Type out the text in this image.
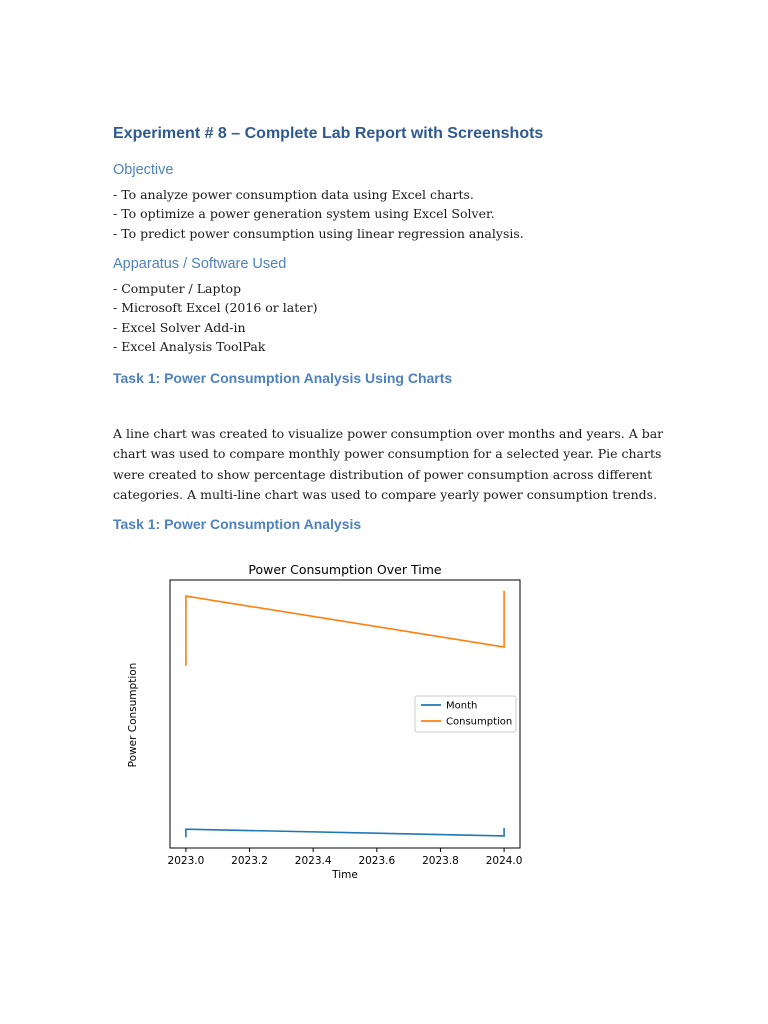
Experiment # 8 – Complete Lab Report with Screenshots
Objective
- To analyze power consumption data using Excel charts.
- To optimize a power generation system using Excel Solver.
- To predict power consumption using linear regression analysis.
Apparatus / Software Used
- Computer / Laptop
- Microsoft Excel (2016 or later)
- Excel Solver Add-in
- Excel Analysis ToolPak
Task 1: Power Consumption Analysis Using Charts

A line chart was created to visualize power consumption over months and years. A bar chart was used to compare monthly power consumption for a selected year. Pie charts were created to show percentage distribution of power consumption across different categories. A multi-line chart was used to compare yearly power consumption trends.

Task 1: Power Consumption Analysis
Power Consumption Over Time
2023.0	2023.2	2023.4	2023.6	2023.8	2024.0
Time
Power Consumption	Month
Consumption
